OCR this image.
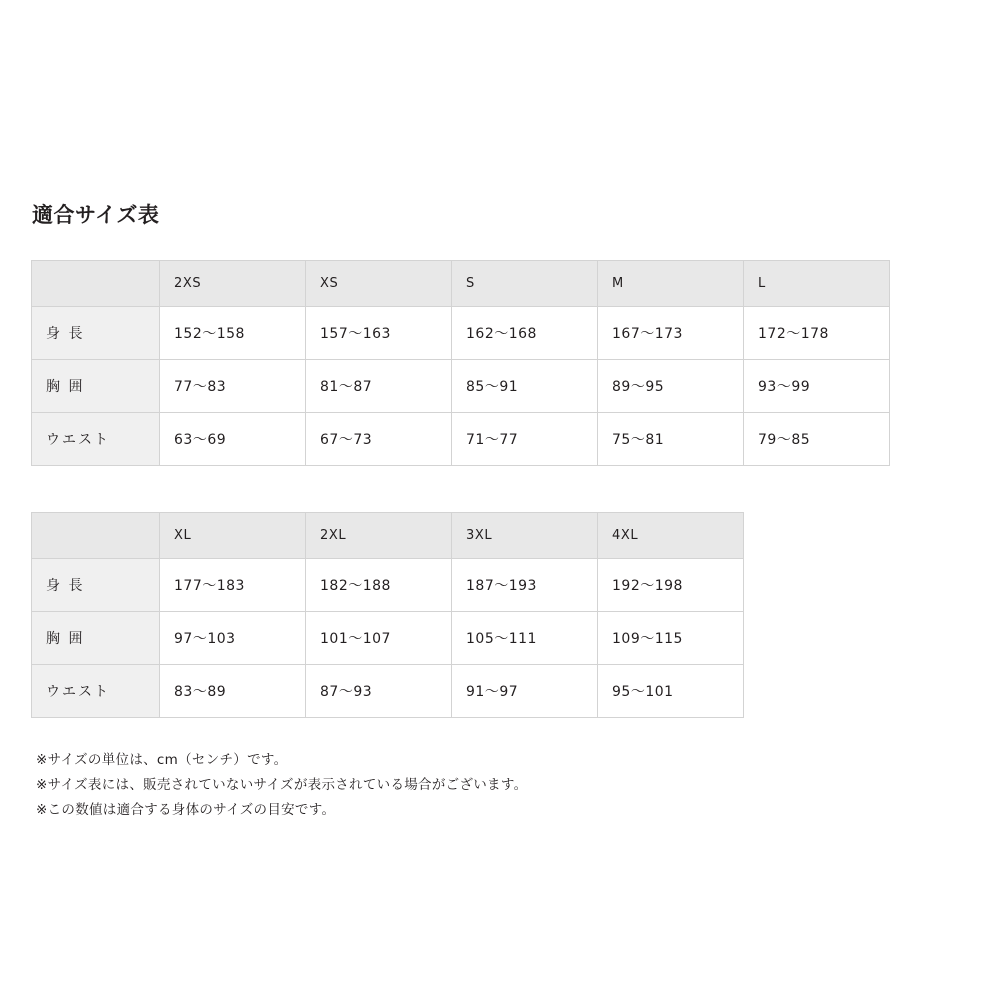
適合サイズ表
	2XS	XS	S	M	L
身 長	152〜158	157〜163	162〜168	167〜173	172〜178
胸 囲	77〜83	81〜87	85〜91	89〜95	93〜99
ウエスト	63〜69	67〜73	71〜77	75〜81	79〜85
	XL	2XL	3XL	4XL
身 長	177〜183	182〜188	187〜193	192〜198
胸 囲	97〜103	101〜107	105〜111	109〜115
ウエスト	83〜89	87〜93	91〜97	95〜101
※サイズの単位は、cm（センチ）です。
※サイズ表には、販売されていないサイズが表示されている場合がございます。
※この数値は適合する身体のサイズの目安です。
